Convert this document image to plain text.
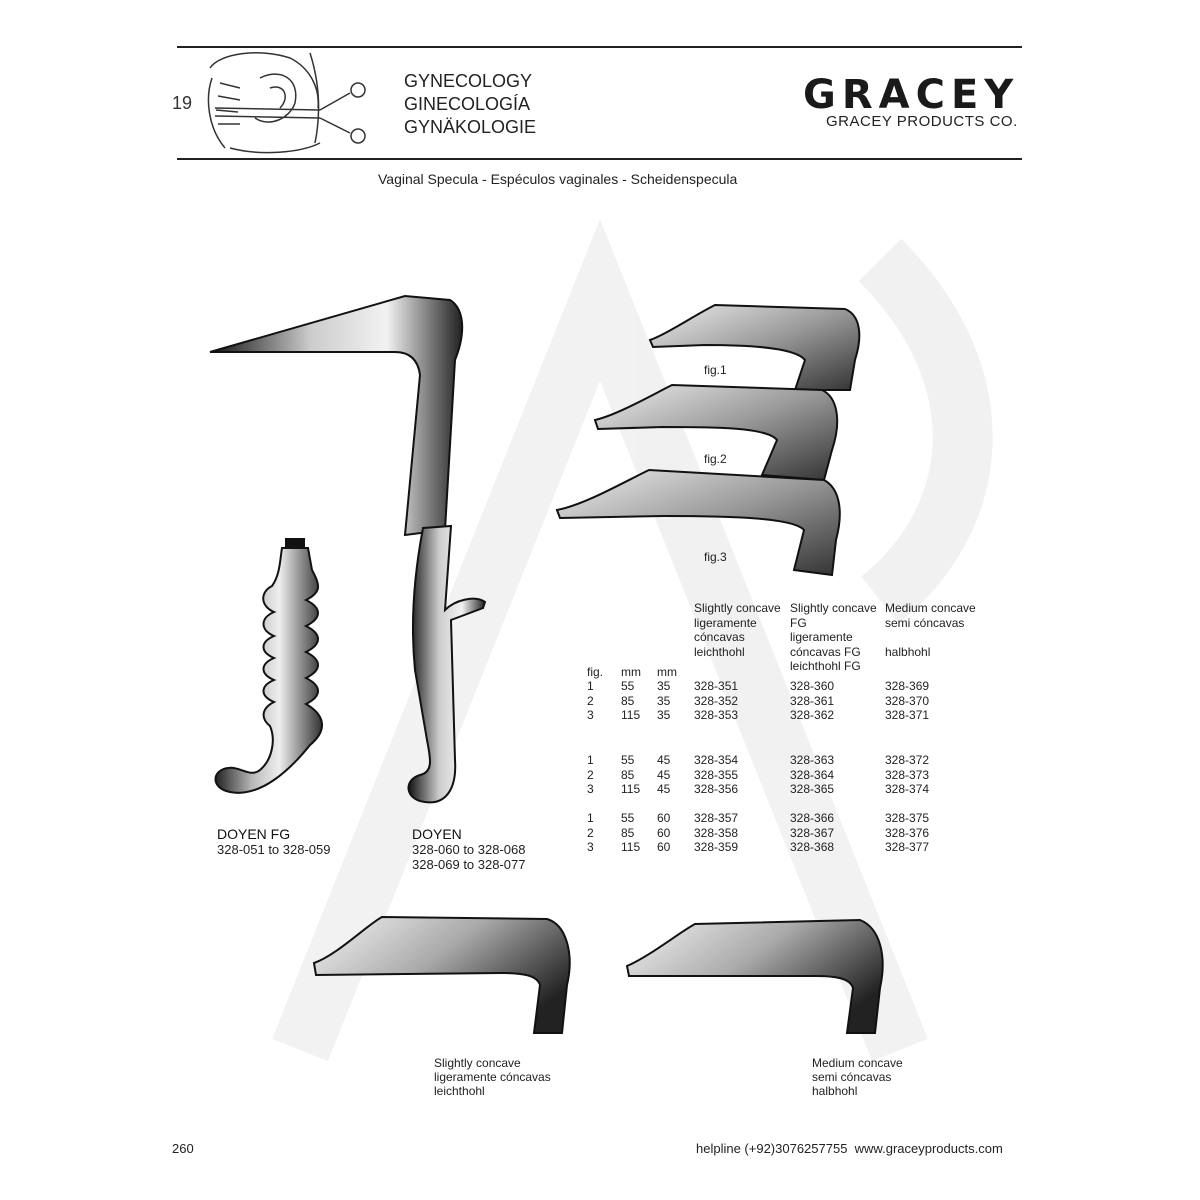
19
GYNECOLOGY
GINECOLOGÍA
GYNÄKOLOGIE
GRACEY
GRACEY PRODUCTS CO.
Vaginal Specula - Espéculos vaginales - Scheidenspecula
fig.1
fig.2
fig.3
DOYEN FG
328-051 to 328-059
DOYEN
328-060 to 328-068
328-069 to 328-077
Slightly concave
ligeramente
cóncavas
leichthohl
Slightly concave
FG
ligeramente
cóncavas FG
leichthohl FG
Medium concave
semi cóncavas
halbhohl
fig. mm mm
1 55 35 328-351	328-360	328-369
2 85 35 328-352	328-361	328-370
3 115 35 328-353	328-362	328-371
1 55 45 328-354	328-363	328-372
2 85 45 328-355	328-364	328-373
3 115 45 328-356	328-365	328-374
1 55 60 328-357	328-366	328-375
2 85 60 328-358	328-367	328-376
3 115 60 328-359	328-368	328-377
Slightly concave
ligeramente cóncavas
leichthohl
Medium concave
semi cóncavas
halbhohl
260	helpline (+92)3076257755  www.graceyproducts.com
